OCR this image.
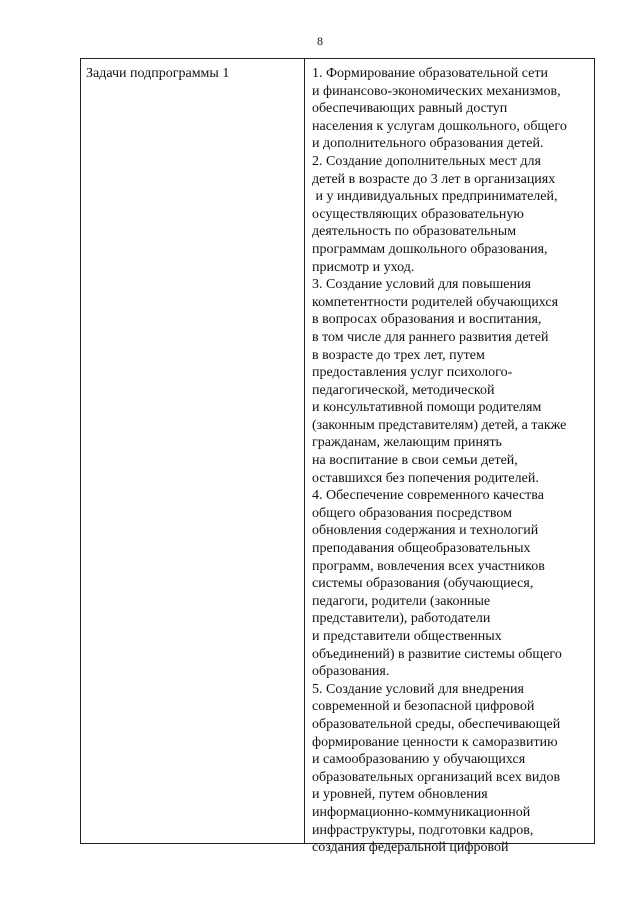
8
Задачи подпрограммы 1	1. Формирование образовательной сети
и финансово-экономических механизмов,
обеспечивающих равный доступ
населения к услугам дошкольного, общего
и дополнительного образования детей.
2. Создание дополнительных мест для
детей в возрасте до 3 лет в организациях
и у индивидуальных предпринимателей,
осуществляющих образовательную
деятельность по образовательным
программам дошкольного образования,
присмотр и уход.
3. Создание условий для повышения
компетентности родителей обучающихся
в вопросах образования и воспитания,
в том числе для раннего развития детей
в возрасте до трех лет, путем
предоставления услуг психолого-
педагогической, методической
и консультативной помощи родителям
(законным представителям) детей, а также
гражданам, желающим принять
на воспитание в свои семьи детей,
оставшихся без попечения родителей.
4. Обеспечение современного качества
общего образования посредством
обновления содержания и технологий
преподавания общеобразовательных
программ, вовлечения всех участников
системы образования (обучающиеся,
педагоги, родители (законные
представители), работодатели
и представители общественных
объединений) в развитие системы общего
образования.
5. Создание условий для внедрения
современной и безопасной цифровой
образовательной среды, обеспечивающей
формирование ценности к саморазвитию
и самообразованию у обучающихся
образовательных организаций всех видов
и уровней, путем обновления
информационно-коммуникационной
инфраструктуры, подготовки кадров,
создания федеральной цифровой
